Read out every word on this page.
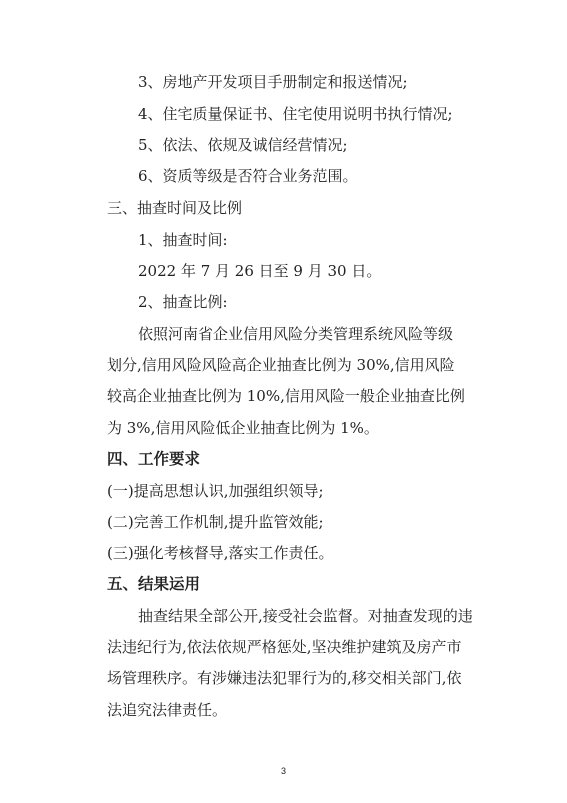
3、房地产开发项目手册制定和报送情况;
4、住宅质量保证书、住宅使用说明书执行情况;
5、依法、依规及诚信经营情况;
6、资质等级是否符合业务范围。
三、抽查时间及比例
1、抽查时间:
2022 年 7 月 26 日至 9 月 30 日。
2、抽查比例:
依照河南省企业信用风险分类管理系统风险等级
划分,信用风险风险高企业抽查比例为 30%,信用风险
较高企业抽查比例为 10%,信用风险一般企业抽查比例
为 3%,信用风险低企业抽查比例为 1%。
四、工作要求
(一)提高思想认识,加强组织领导;
(二)完善工作机制,提升监管效能;
(三)强化考核督导,落实工作责任。
五、结果运用
抽查结果全部公开,接受社会监督。对抽查发现的违
法违纪行为,依法依规严格惩处,坚决维护建筑及房产市
场管理秩序。有涉嫌违法犯罪行为的,移交相关部门,依
法追究法律责任。
3
